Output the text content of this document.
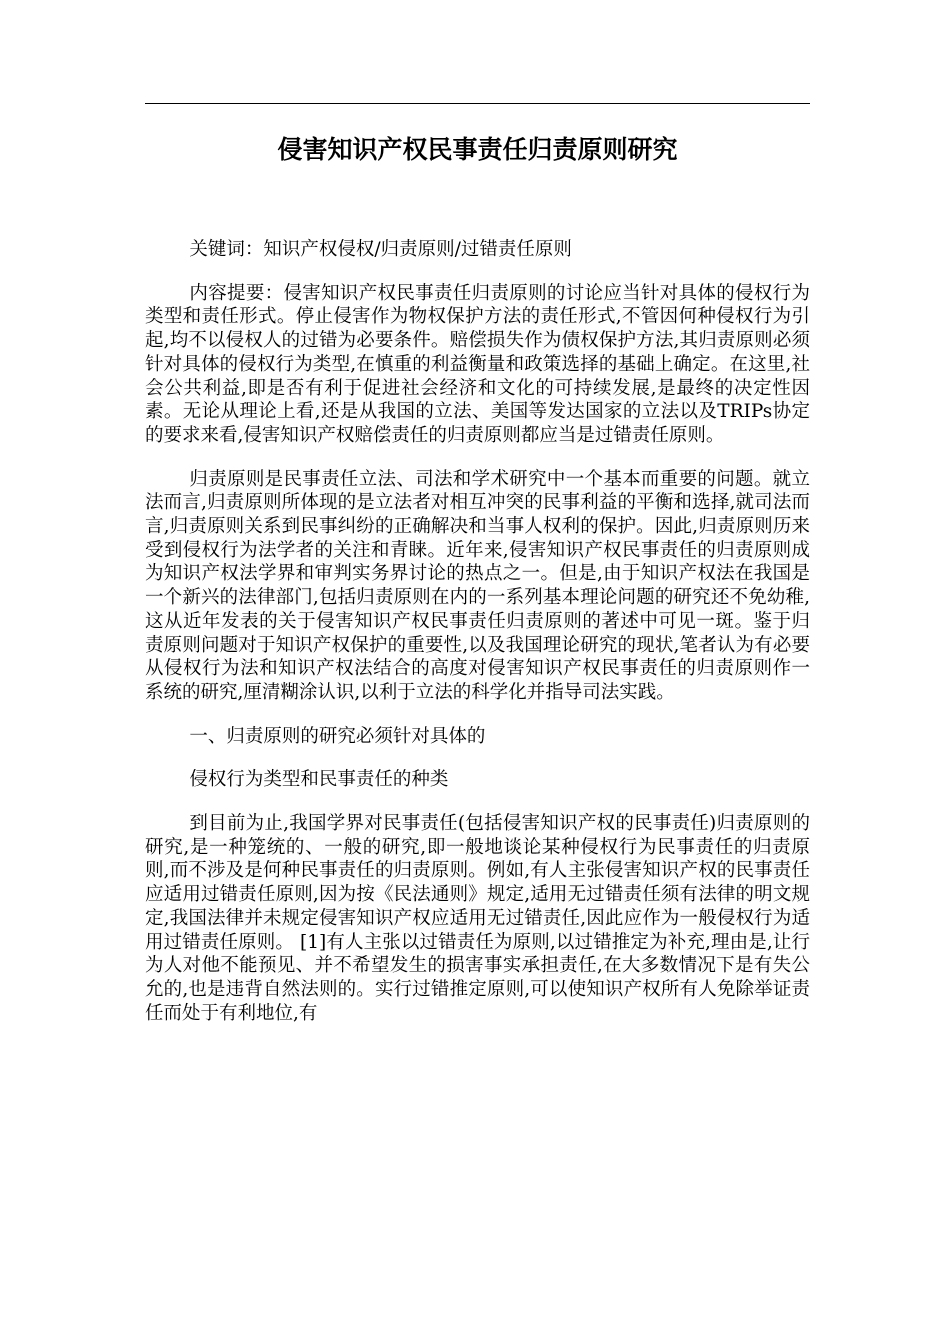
侵害知识产权民事责任归责原则研究

关键词：知识产权侵权/归责原则/过错责任原则

内容提要：侵害知识产权民事责任归责原则的讨论应当针对具体的侵权行为类型和责任形式。停止侵害作为物权保护方法的责任形式,不管因何种侵权行为引起,均不以侵权人的过错为必要条件。赔偿损失作为债权保护方法,其归责原则必须针对具体的侵权行为类型,在慎重的利益衡量和政策选择的基础上确定。在这里,社会公共利益,即是否有利于促进社会经济和文化的可持续发展,是最终的决定性因素。无论从理论上看,还是从我国的立法、美国等发达国家的立法以及TRIPs协定的要求来看,侵害知识产权赔偿责任的归责原则都应当是过错责任原则。

归责原则是民事责任立法、司法和学术研究中一个基本而重要的问题。就立法而言,归责原则所体现的是立法者对相互冲突的民事利益的平衡和选择,就司法而言,归责原则关系到民事纠纷的正确解决和当事人权利的保护。因此,归责原则历来受到侵权行为法学者的关注和青睐。近年来,侵害知识产权民事责任的归责原则成为知识产权法学界和审判实务界讨论的热点之一。但是,由于知识产权法在我国是一个新兴的法律部门,包括归责原则在内的一系列基本理论问题的研究还不免幼稚,这从近年发表的关于侵害知识产权民事责任归责原则的著述中可见一斑。鉴于归责原则问题对于知识产权保护的重要性,以及我国理论研究的现状,笔者认为有必要从侵权行为法和知识产权法结合的高度对侵害知识产权民事责任的归责原则作一系统的研究,厘清糊涂认识,以利于立法的科学化并指导司法实践。

一、归责原则的研究必须针对具体的

侵权行为类型和民事责任的种类

到目前为止,我国学界对民事责任(包括侵害知识产权的民事责任)归责原则的研究,是一种笼统的、一般的研究,即一般地谈论某种侵权行为民事责任的归责原则,而不涉及是何种民事责任的归责原则。例如,有人主张侵害知识产权的民事责任应适用过错责任原则,因为按《民法通则》规定,适用无过错责任须有法律的明文规定,我国法律并未规定侵害知识产权应适用无过错责任,因此应作为一般侵权行为适用过错责任原则。 [1]有人主张以过错责任为原则,以过错推定为补充,理由是,让行为人对他不能预见、并不希望发生的损害事实承担责任,在大多数情况下是有失公允的,也是违背自然法则的。实行过错推定原则,可以使知识产权所有人免除举证责任而处于有利地位,有
